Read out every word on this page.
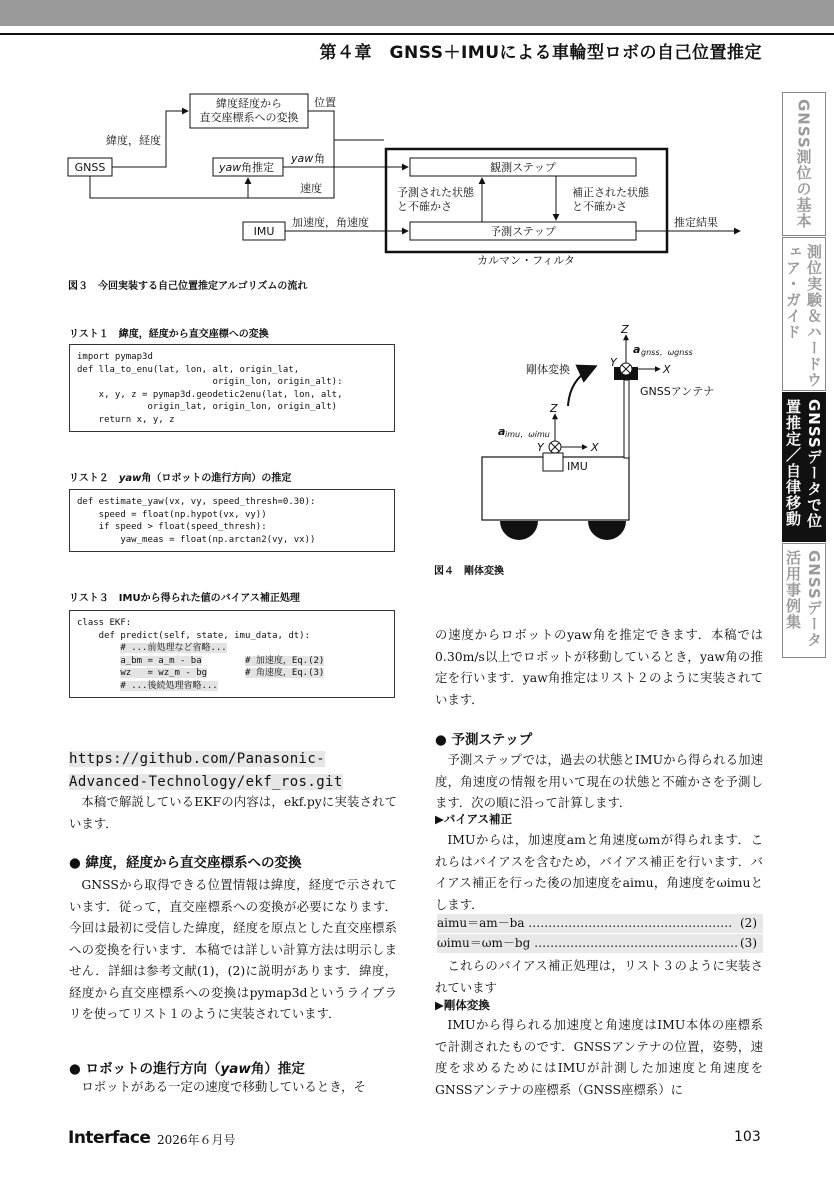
第４章　GNSS＋IMUによる車輪型ロボの自己位置推定
GNSS測位の基本
測位実験＆ハードウェア・ガイド
GNSSデータで位置推定／自律移動
GNSSデータ活用事例集
緯度経度から
直交座標系への変換
GNSS	yaw 角推定
IMU
観測ステップ
予測ステップ
緯度，経度
位置
yaw 角
速度
加速度，角速度
予測された状態
と不確かさ
補正された状態
と不確かさ
推定結果
カルマン・フィルタ
図３　今回実装する自己位置推定アルゴリズムの流れ
リスト１　緯度，経度から直交座標への変換
import pymap3d
def lla_to_enu(lat, lon, alt, origin_lat,
origin_lon, origin_alt):
x, y, z = pymap3d.geodetic2enu(lat, lon, alt,
origin_lat, origin_lon, origin_alt)
return x, y, z
リスト２　yaw角（ロボットの進行方向）の推定
def estimate_yaw(vx, vy, speed_thresh=0.30):
speed = float(np.hypot(vx, vy))
if speed > float(speed_thresh):
yaw_meas = float(np.arctan2(vy, vx))
リスト３　IMUから得られた値のバイアス補正処理
class EKF:
def predict(self, state, imu_data, dt):
# ...前処理など省略...
a_bm = a_m - ba	# 加速度，Eq.(2)
wz   = wz_m - bg	# 角速度，Eq.(3)
# ...後続処理省略...
Z
Y
X
a gnss，ωgnss
剛体変換
GNSSアンテナ
Z
Y	X
a imu，ωimu
IMU
図４　剛体変換
https://github.com/Panasonic-
Advanced-Technology/ekf_ros.git

本稿で解説しているEKFの内容は，ekf.pyに実装されています．

● 緯度，経度から直交座標系への変換

GNSSから取得できる位置情報は緯度，経度で示されています．従って，直交座標系への変換が必要になります．今回は最初に受信した緯度，経度を原点とした直交座標系への変換を行います．本稿では詳しい計算方法は明示しません．詳細は参考文献(1)，(2)に説明があります．緯度，経度から直交座標系への変換はpymap3dというライブラリを使ってリスト１のように実装されています．

● ロボットの進行方向（yaw角）推定

ロボットがある一定の速度で移動しているとき，そ

の速度からロボットのyaw角を推定できます．本稿では0.30m/s以上でロボットが移動しているとき，yaw角の推定を行います．yaw角推定はリスト２のように実装されています．

● 予測ステップ

予測ステップでは，過去の状態とIMUから得られる加速度，角速度の情報を用いて現在の状態と不確かさを予測します．次の順に沿って計算します．

▶バイアス補正

IMUからは，加速度amと角速度ωmが得られます．これらはバイアスを含むため，バイアス補正を行います．バイアス補正を行った後の加速度をaimu，角速度をωimuとします．

aimu＝am－ba …………………………………………… (2)
ωimu＝ωm－bg …………………………………………… (3)

これらのバイアス補正処理は，リスト３のように実装されています

▶剛体変換

IMUから得られる加速度と角速度はIMU本体の座標系で計測されたものです．GNSSアンテナの位置，姿勢，速度を求めるためにはIMUが計測した加速度と角速度をGNSSアンテナの座標系（GNSS座標系）に

Interface 2026年６月号	103
